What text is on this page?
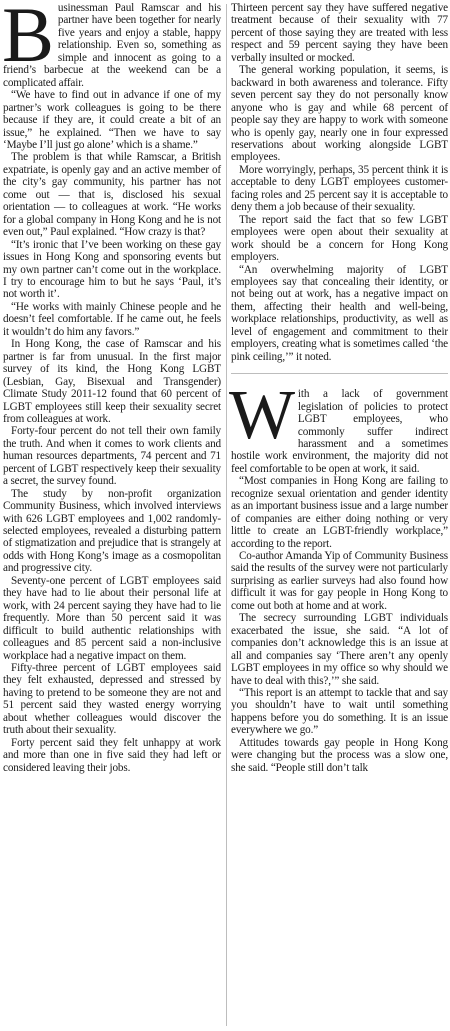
Businessman Paul Ramscar and his partner have been together for nearly five years and enjoy a stable, happy relationship. Even so, something as simple and innocent as going to a friend’s barbecue at the weekend can be a complicated affair.

“We have to find out in advance if one of my partner’s work colleagues is going to be there because if they are, it could create a bit of an issue,” he explained. “Then we have to say ‘Maybe I’ll just go alone’ which is a shame.”

The problem is that while Ramscar, a British expatriate, is openly gay and an active member of the city’s gay community, his partner has not come out — that is, disclosed his sexual orientation — to colleagues at work. “He works for a global company in Hong Kong and he is not even out,” Paul explained. “How crazy is that?

“It’s ironic that I’ve been working on these gay issues in Hong Kong and sponsoring events but my own partner can’t come out in the workplace. I try to encourage him to but he says ‘Paul, it’s not worth it’.

“He works with mainly Chinese people and he doesn’t feel comfortable. If he came out, he feels it wouldn’t do him any favors.”

In Hong Kong, the case of Ramscar and his partner is far from unusual. In the first major survey of its kind, the Hong Kong LGBT (Lesbian, Gay, Bisexual and Transgender) Climate Study 2011-12 found that 60 percent of LGBT employees still keep their sexuality secret from colleagues at work.

Forty-four percent do not tell their own family the truth. And when it comes to work clients and human resources departments, 74 percent and 71 percent of LGBT respectively keep their sexuality a secret, the survey found.

The study by non-profit organization Community Business, which involved interviews with 626 LGBT employees and 1,002 randomly-selected employees, revealed a disturbing pattern of stigmatization and prejudice that is strangely at odds with Hong Kong’s image as a cosmopolitan and progressive city.

Seventy-one percent of LGBT employees said they have had to lie about their personal life at work, with 24 percent saying they have had to lie frequently. More than 50 percent said it was difficult to build authentic relationships with colleagues and 85 percent said a non-inclusive workplace had a negative impact on them.

Fifty-three percent of LGBT employees said they felt exhausted, depressed and stressed by having to pretend to be someone they are not and 51 percent said they wasted energy worrying about whether colleagues would discover the truth about their sexuality.

Forty percent said they felt unhappy at work and more than one in five said they had left or considered leaving their jobs.

Thirteen percent say they have suffered negative treatment because of their sexuality with 77 percent of those saying they are treated with less respect and 59 percent saying they have been verbally insulted or mocked.

The general working population, it seems, is backward in both awareness and tolerance. Fifty seven percent say they do not personally know anyone who is gay and while 68 percent of people say they are happy to work with someone who is openly gay, nearly one in four expressed reservations about working alongside LGBT employees.

More worryingly, perhaps, 35 percent think it is acceptable to deny LGBT employees customer-facing roles and 25 percent say it is acceptable to deny them a job because of their sexuality.

The report said the fact that so few LGBT employees were open about their sexuality at work should be a concern for Hong Kong employers.

“An overwhelming majority of LGBT employees say that concealing their identity, or not being out at work, has a negative impact on them, affecting their health and well-being, workplace relationships, productivity, as well as level of engagement and commitment to their employers, creating what is sometimes called ‘the pink ceiling,’” it noted.

With a lack of government legislation of policies to protect LGBT employees, who commonly suffer indirect harassment and a sometimes hostile work environment, the majority did not feel comfortable to be open at work, it said.

“Most companies in Hong Kong are failing to recognize sexual orientation and gender identity as an important business issue and a large number of companies are either doing nothing or very little to create an LGBT-friendly workplace,” according to the report.

Co-author Amanda Yip of Community Business said the results of the survey were not particularly surprising as earlier surveys had also found how difficult it was for gay people in Hong Kong to come out both at home and at work.

The secrecy surrounding LGBT individuals exacerbated the issue, she said. “A lot of companies don’t acknowledge this is an issue at all and companies say ‘There aren’t any openly LGBT employees in my office so why should we have to deal with this?,’” she said.

“This report is an attempt to tackle that and say you shouldn’t have to wait until something happens before you do something. It is an issue everywhere we go.”

Attitudes towards gay people in Hong Kong were changing but the process was a slow one, she said. “People still don’t talk
